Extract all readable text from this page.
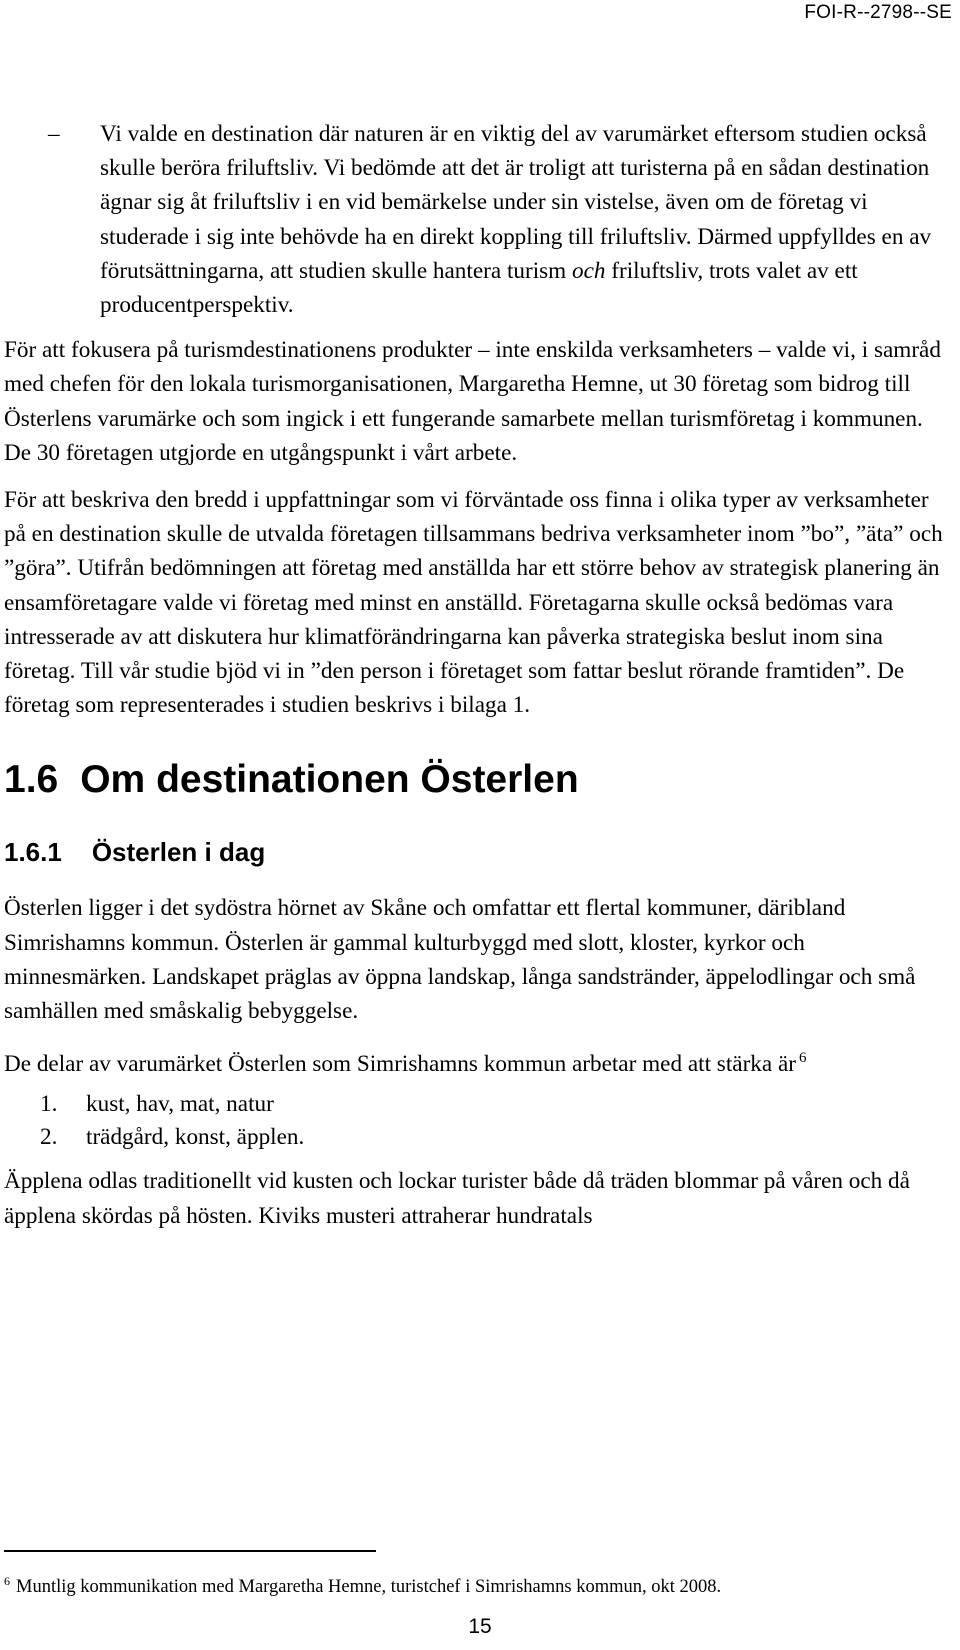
FOI-R--2798--SE
– Vi valde en destination där naturen är en viktig del av varumärket eftersom studien också skulle beröra friluftsliv. Vi bedömde att det är troligt att turisterna på en sådan destination ägnar sig åt friluftsliv i en vid bemärkelse under sin vistelse, även om de företag vi studerade i sig inte behövde ha en direkt koppling till friluftsliv. Därmed uppfylldes en av förutsättningarna, att studien skulle hantera turism och friluftsliv, trots valet av ett producentperspektiv.

För att fokusera på turismdestinationens produkter – inte enskilda verksamheters – valde vi, i samråd med chefen för den lokala turismorganisationen, Margaretha Hemne, ut 30 företag som bidrog till Österlens varumärke och som ingick i ett fungerande samarbete mellan turismföretag i kommunen. De 30 företagen utgjorde en utgångspunkt i vårt arbete.

För att beskriva den bredd i uppfattningar som vi förväntade oss finna i olika typer av verksamheter på en destination skulle de utvalda företagen tillsammans bedriva verksamheter inom ”bo”, ”äta” och ”göra”. Utifrån bedömningen att företag med anställda har ett större behov av strategisk planering än ensamföretagare valde vi företag med minst en anställd. Företagarna skulle också bedömas vara intresserade av att diskutera hur klimatförändringarna kan påverka strategiska beslut inom sina företag. Till vår studie bjöd vi in ”den person i företaget som fattar beslut rörande framtiden”. De företag som representerades i studien beskrivs i bilaga 1.

1.6 Om destinationen Österlen
1.6.1 Österlen i dag

Österlen ligger i det sydöstra hörnet av Skåne och omfattar ett flertal kommuner, däribland Simrishamns kommun. Österlen är gammal kulturbyggd med slott, kloster, kyrkor och minnesmärken. Landskapet präglas av öppna landskap, långa sandstränder, äppelodlingar och små samhällen med småskalig bebyggelse.

De delar av varumärket Österlen som Simrishamns kommun arbetar med att stärka är $^6$

1. kust, hav, mat, natur
2. trädgård, konst, äpplen.

Äpplena odlas traditionellt vid kusten och lockar turister både då träden blommar på våren och då äpplena skördas på hösten. Kiviks musteri attraherar hundratals

$^6$ Muntlig kommunikation med Margaretha Hemne, turistchef i Simrishamns kommun, okt 2008.
15
